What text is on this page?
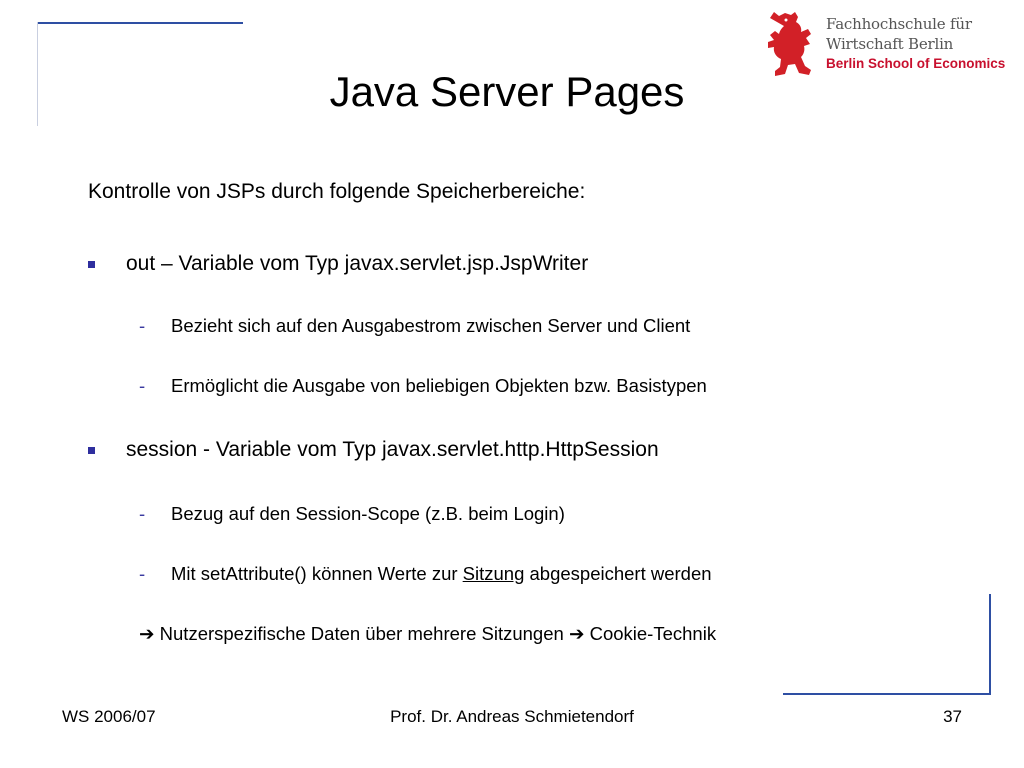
Fachhochschule für
Wirtschaft Berlin
Berlin School of Economics
Java Server Pages
Kontrolle von JSPs durch folgende Speicherbereiche:
out – Variable vom Typ javax.servlet.jsp.JspWriter
- Bezieht sich auf den Ausgabestrom zwischen Server und Client
- Ermöglicht die Ausgabe von beliebigen Objekten bzw. Basistypen
session - Variable vom Typ javax.servlet.http.HttpSession
- Bezug auf den Session-Scope (z.B. beim Login)
- Mit setAttribute() können Werte zur Sitzung abgespeichert werden
➔ Nutzerspezifische Daten über mehrere Sitzungen ➔ Cookie-Technik
WS 2006/07	Prof. Dr. Andreas Schmietendorf	37
